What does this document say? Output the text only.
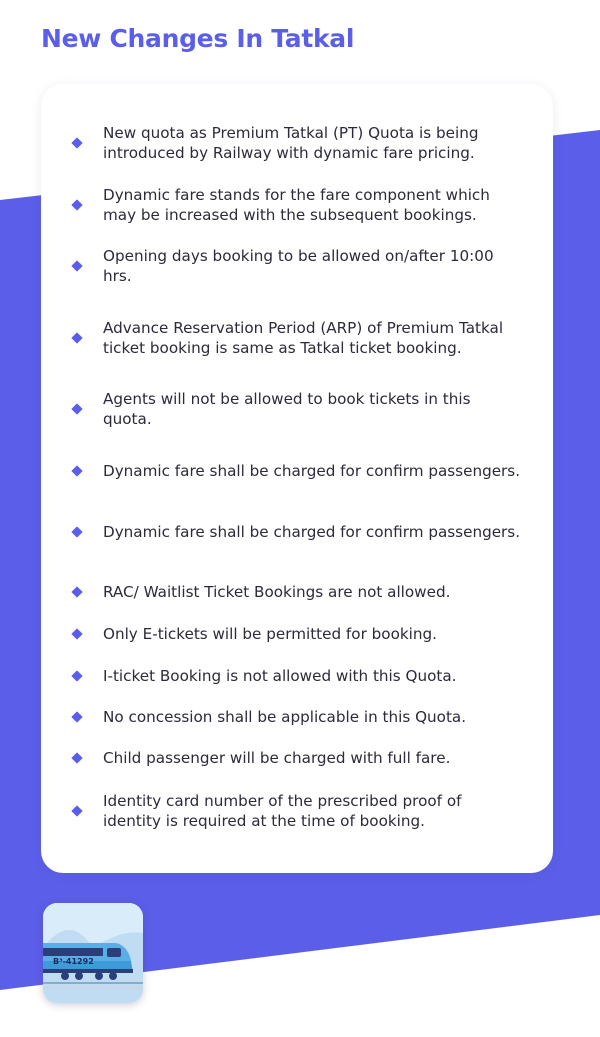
New Changes In Tatkal
New quota as Premium Tatkal (PT) Quota is being introduced by Railway with dynamic fare pricing.
Dynamic fare stands for the fare component which may be increased with the subsequent bookings.
Opening days booking to be allowed on/after 10:00 hrs.
Advance Reservation Period (ARP) of Premium Tatkal ticket booking is same as Tatkal ticket booking.
Agents will not be allowed to book tickets in this quota.
Dynamic fare shall be charged for confirm passengers.
Dynamic fare shall be charged for confirm passengers.
RAC/ Waitlist Ticket Bookings are not allowed.
Only E-tickets will be permitted for booking.
I-ticket Booking is not allowed with this Quota.
No concession shall be applicable in this Quota.
Child passenger will be charged with full fare.
Identity card number of the prescribed proof of identity is required at the time of booking.
B³-41292
